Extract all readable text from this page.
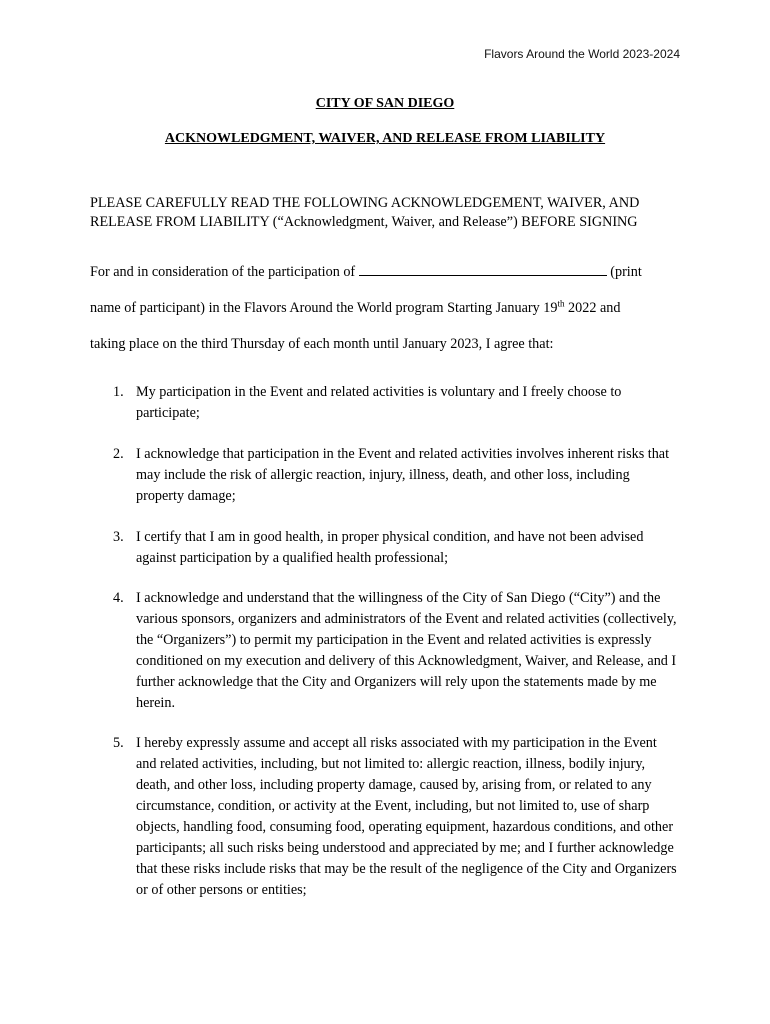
Flavors Around the World 2023-2024
CITY OF SAN DIEGO
ACKNOWLEDGMENT, WAIVER, AND RELEASE FROM LIABILITY
PLEASE CAREFULLY READ THE FOLLOWING ACKNOWLEDGEMENT, WAIVER, AND RELEASE FROM LIABILITY (“Acknowledgment, Waiver, and Release”) BEFORE SIGNING
For and in consideration of the participation of	(print
name of participant) in the Flavors Around the World program Starting January 19th 2022 and
taking place on the third Thursday of each month until January 2023, I agree that:
1. My participation in the Event and related activities is voluntary and I freely choose to participate;
2. I acknowledge that participation in the Event and related activities involves inherent risks that may include the risk of allergic reaction, injury, illness, death, and other loss, including property damage;
3. I certify that I am in good health, in proper physical condition, and have not been advised against participation by a qualified health professional;
4. I acknowledge and understand that the willingness of the City of San Diego (“City”) and the various sponsors, organizers and administrators of the Event and related activities (collectively, the “Organizers”) to permit my participation in the Event and related activities is expressly conditioned on my execution and delivery of this Acknowledgment, Waiver, and Release, and I further acknowledge that the City and Organizers will rely upon the statements made by me herein.
5. I hereby expressly assume and accept all risks associated with my participation in the Event and related activities, including, but not limited to: allergic reaction, illness, bodily injury, death, and other loss, including property damage, caused by, arising from, or related to any circumstance, condition, or activity at the Event, including, but not limited to, use of sharp objects, handling food, consuming food, operating equipment, hazardous conditions, and other participants; all such risks being understood and appreciated by me; and I further acknowledge that these risks include risks that may be the result of the negligence of the City and Organizers or of other persons or entities;
